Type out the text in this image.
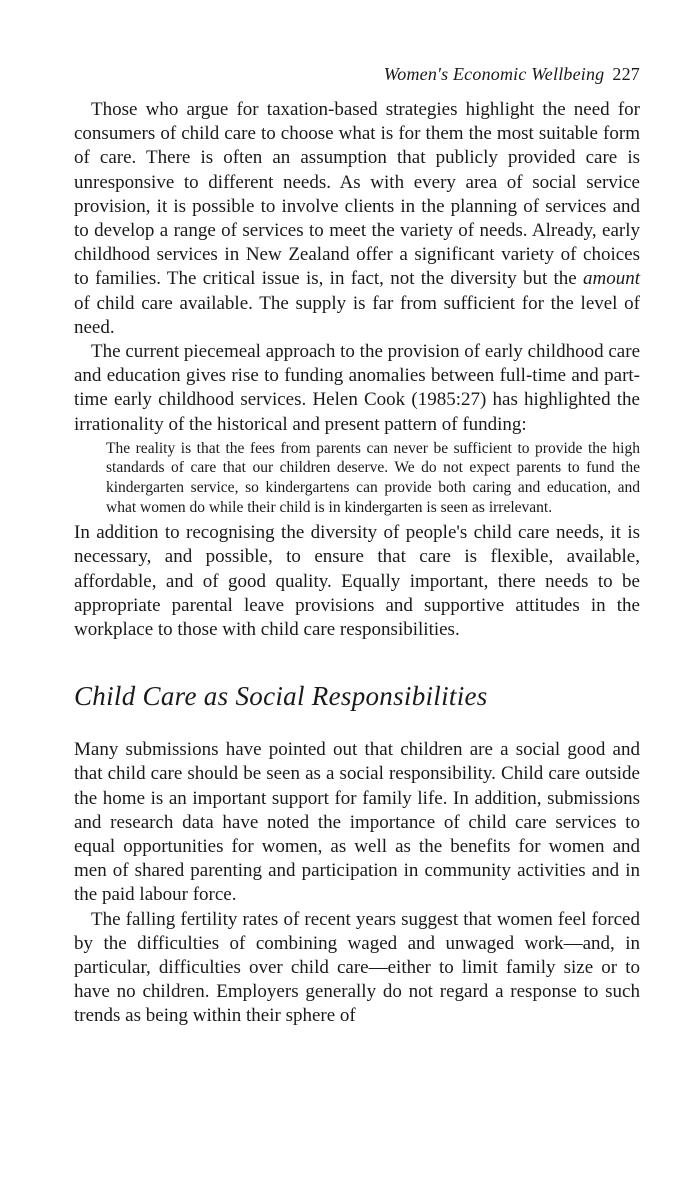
Women's Economic Wellbeing 227

Those who argue for taxation-based strategies highlight the need for consumers of child care to choose what is for them the most suitable form of care. There is often an assumption that publicly provided care is unresponsive to different needs. As with every area of social service provision, it is possible to involve clients in the planning of services and to develop a range of services to meet the variety of needs. Already, early childhood services in New Zealand offer a significant variety of choices to families. The critical issue is, in fact, not the diversity but the amount of child care available. The supply is far from sufficient for the level of need.

The current piecemeal approach to the provision of early childhood care and education gives rise to funding anomalies between full-time and part-time early childhood services. Helen Cook (1985:27) has highlighted the irrationality of the historical and present pattern of funding:

The reality is that the fees from parents can never be sufficient to provide the high standards of care that our children deserve. We do not expect parents to fund the kindergarten service, so kindergartens can provide both caring and education, and what women do while their child is in kindergarten is seen as irrelevant.

In addition to recognising the diversity of people's child care needs, it is necessary, and possible, to ensure that care is flexible, available, affordable, and of good quality. Equally important, there needs to be appropriate parental leave provisions and supportive attitudes in the workplace to those with child care responsibilities.

Child Care as Social Responsibilities

Many submissions have pointed out that children are a social good and that child care should be seen as a social responsibility. Child care outside the home is an important support for family life. In addition, submissions and research data have noted the importance of child care services to equal opportunities for women, as well as the benefits for women and men of shared parenting and participation in community activities and in the paid labour force.

The falling fertility rates of recent years suggest that women feel forced by the difficulties of combining waged and unwaged work—and, in particular, difficulties over child care—either to limit family size or to have no children. Employers generally do not regard a response to such trends as being within their sphere of
